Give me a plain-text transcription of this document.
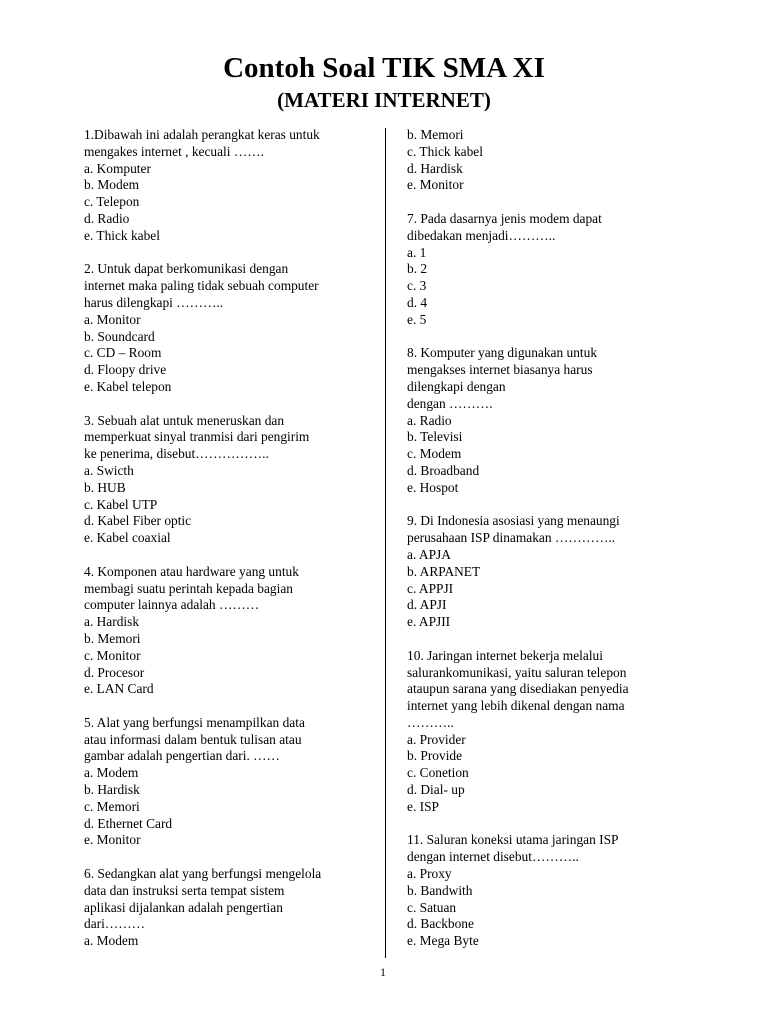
Contoh Soal TIK SMA XI
(MATERI INTERNET)
1.Dibawah ini adalah perangkat keras untuk
mengakes internet , kecuali …….
a. Komputer
b. Modem
c. Telepon
d. Radio
e. Thick kabel
2. Untuk dapat berkomunikasi dengan
internet maka paling tidak sebuah computer
harus dilengkapi ………..
a. Monitor
b. Soundcard
c. CD – Room
d. Floopy drive
e. Kabel telepon
3. Sebuah alat untuk meneruskan dan
memperkuat sinyal tranmisi dari pengirim
ke penerima, disebut……………..
a. Swicth
b. HUB
c. Kabel UTP
d. Kabel Fiber optic
e. Kabel coaxial
4. Komponen atau hardware yang untuk
membagi suatu perintah kepada bagian
computer lainnya adalah ………
a. Hardisk
b. Memori
c. Monitor
d. Procesor
e. LAN Card
5. Alat yang berfungsi menampilkan data
atau informasi dalam bentuk tulisan atau
gambar adalah pengertian dari. ……
a. Modem
b. Hardisk
c. Memori
d. Ethernet Card
e. Monitor
6. Sedangkan alat yang berfungsi mengelola
data dan instruksi serta tempat sistem
aplikasi dijalankan adalah pengertian
dari………
a. Modem
b. Memori
c. Thick kabel
d. Hardisk
e. Monitor
7. Pada dasarnya jenis modem dapat
dibedakan menjadi………..
a. 1
b. 2
c. 3
d. 4
e. 5
8. Komputer yang digunakan untuk
mengakses internet biasanya harus
dilengkapi dengan
dengan ……….
a. Radio
b. Televisi
c. Modem
d. Broadband
e. Hospot
9. Di Indonesia asosiasi yang menaungi
perusahaan ISP dinamakan …………..
a. APJA
b. ARPANET
c. APPJI
d. APJI
e. APJII
10. Jaringan internet bekerja melalui
salurankomunikasi, yaitu saluran telepon
ataupun sarana yang disediakan penyedia
internet yang lebih dikenal dengan nama
………..
a. Provider
b. Provide
c. Conetion
d. Dial- up
e. ISP
11. Saluran koneksi utama jaringan ISP
dengan internet disebut………..
a. Proxy
b. Bandwith
c. Satuan
d. Backbone
e. Mega Byte
1
